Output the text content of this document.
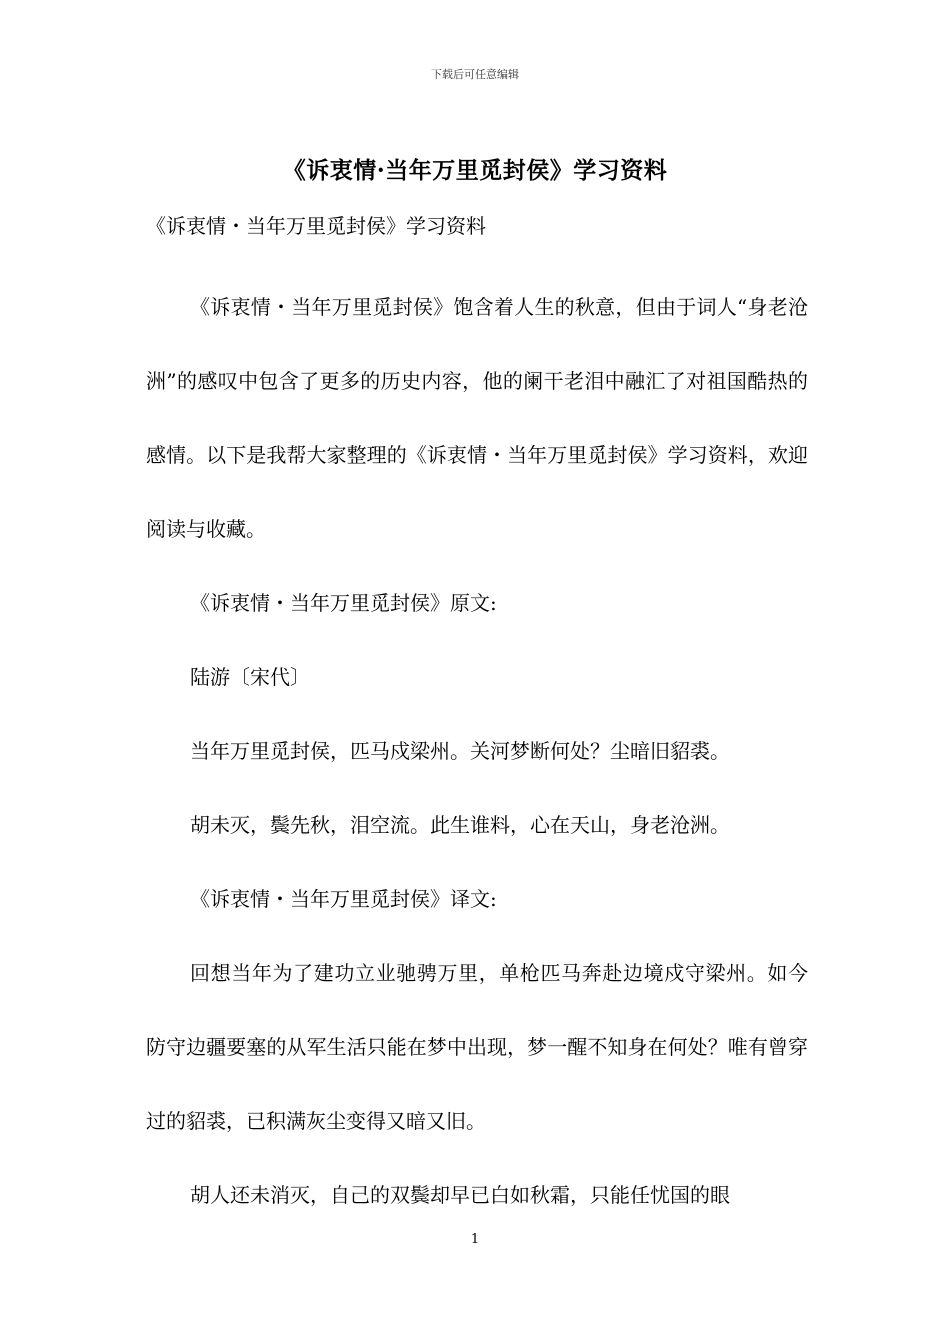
下载后可任意编辑
《诉衷情·当年万里觅封侯》学习资料
《诉衷情・当年万里觅封侯》学习资料

《诉衷情・当年万里觅封侯》饱含着人生的秋意，但由于词人“身老沧洲”的感叹中包含了更多的历史内容，他的阑干老泪中融汇了对祖国酷热的感情。以下是我帮大家整理的《诉衷情・当年万里觅封侯》学习资料，欢迎阅读与收藏。

《诉衷情・当年万里觅封侯》原文:

陆游〔宋代〕

当年万里觅封侯，匹马戍梁州。关河梦断何处？尘暗旧貂裘。

胡未灭，鬓先秋，泪空流。此生谁料，心在天山，身老沧洲。

《诉衷情・当年万里觅封侯》译文:

回想当年为了建功立业驰骋万里，单枪匹马奔赴边境戍守梁州。如今防守边疆要塞的从军生活只能在梦中出现，梦一醒不知身在何处？唯有曾穿过的貂裘，已积满灰尘变得又暗又旧。

胡人还未消灭，自己的双鬓却早已白如秋霜，只能任忧国的眼

1
